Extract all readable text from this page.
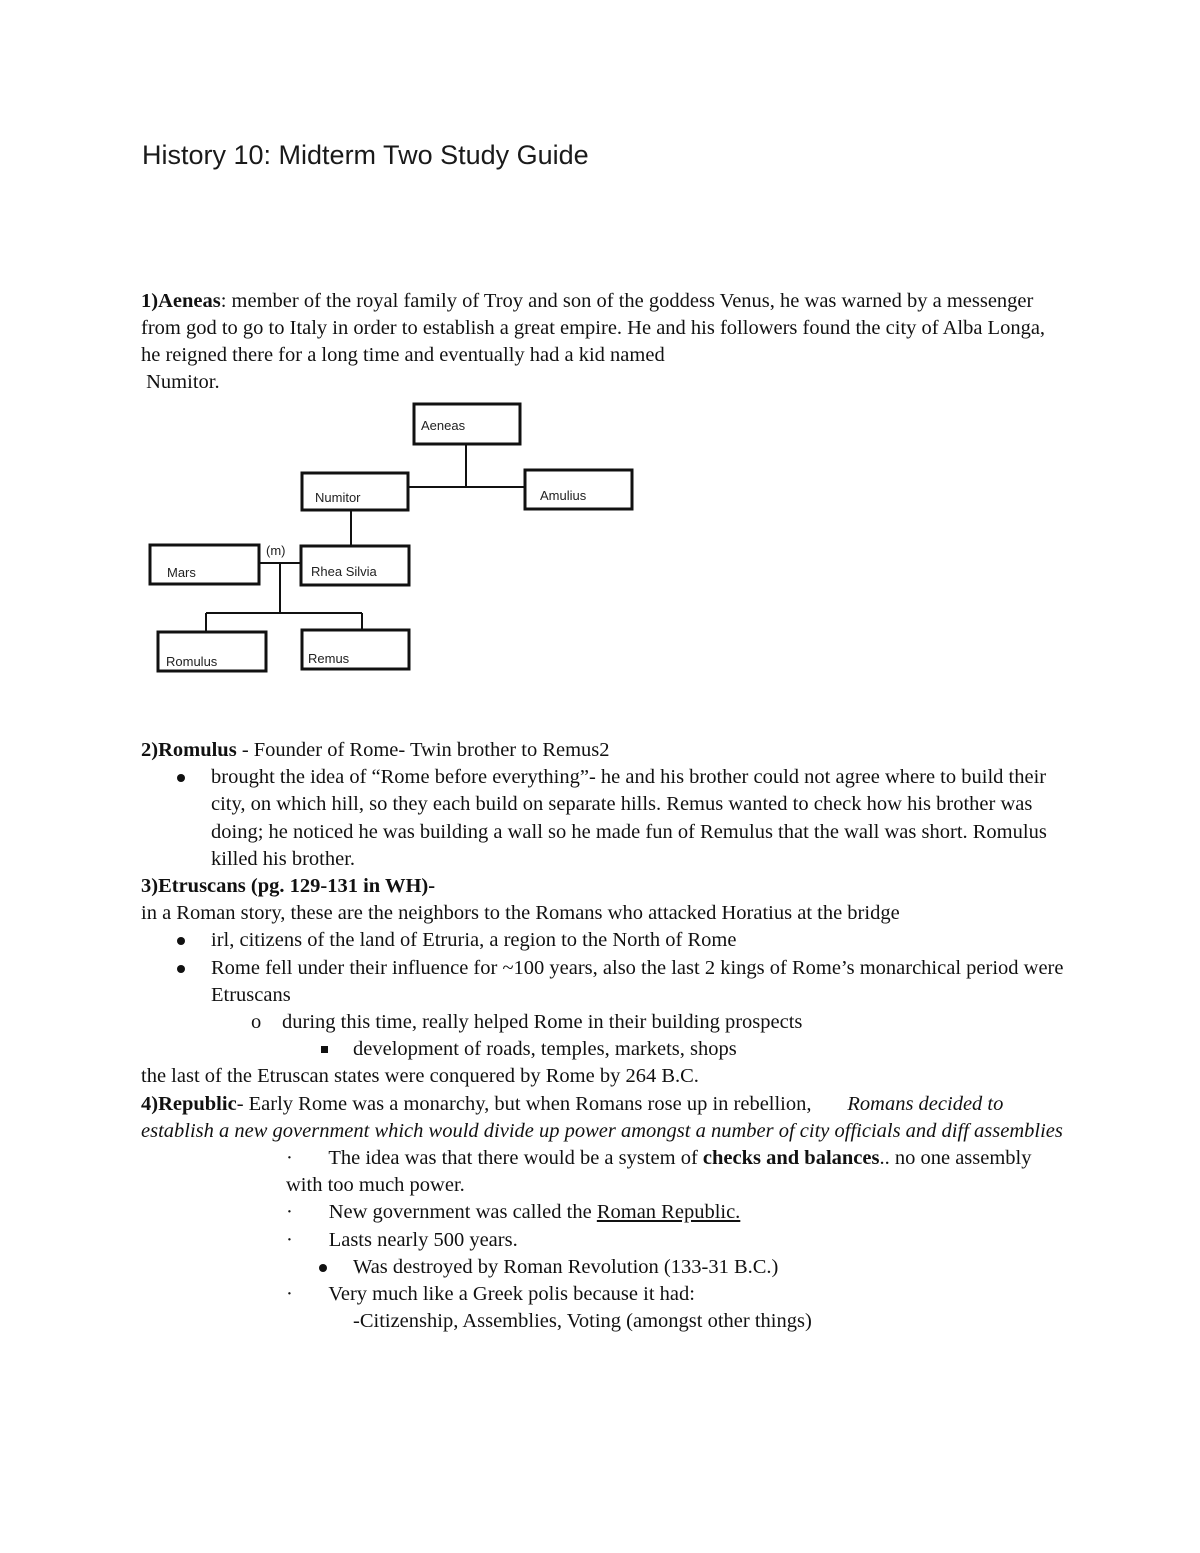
History 10: Midterm Two Study Guide
1)Aeneas: member of the royal family of Troy and son of the goddess Venus, he was warned by a messenger from god to go to Italy in order to establish a great empire. He and his followers found the city of Alba Longa, he reigned there for a long time and eventually had a kid named
Numitor.
Aeneas
Numitor	Amulius
Mars
(m)
Rhea Silvia
Romulus	Remus

2)Romulus - Founder of Rome- Twin brother to Remus2

brought the idea of “Rome before everything”- he and his brother could not agree where to build their city, on which hill, so they each build on separate hills. Remus wanted to check how his brother was doing; he noticed he was building a wall so he made fun of Remulus that the wall was short. Romulus killed his brother.

3)Etruscans (pg. 129-131 in WH)-

in a Roman story, these are the neighbors to the Romans who attacked Horatius at the bridge

irl, citizens of the land of Etruria, a region to the North of Rome

Rome fell under their influence for ~100 years, also the last 2 kings of Rome’s monarchical period were Etruscans

o during this time, really helped Rome in their building prospects

development of roads, temples, markets, shops

the last of the Etruscan states were conquered by Rome by 264 B.C.

4)Republic- Early Rome was a monarchy, but when Romans rose up in rebellion, Romans decided to establish a new government which would divide up power amongst a number of city officials and diff assemblies

· The idea was that there would be a system of checks and balances.. no one assembly with too much power.

· New government was called the Roman Republic.

· Lasts nearly 500 years.

Was destroyed by Roman Revolution (133-31 B.C.)

· Very much like a Greek polis because it had:

-Citizenship, Assemblies, Voting (amongst other things)
